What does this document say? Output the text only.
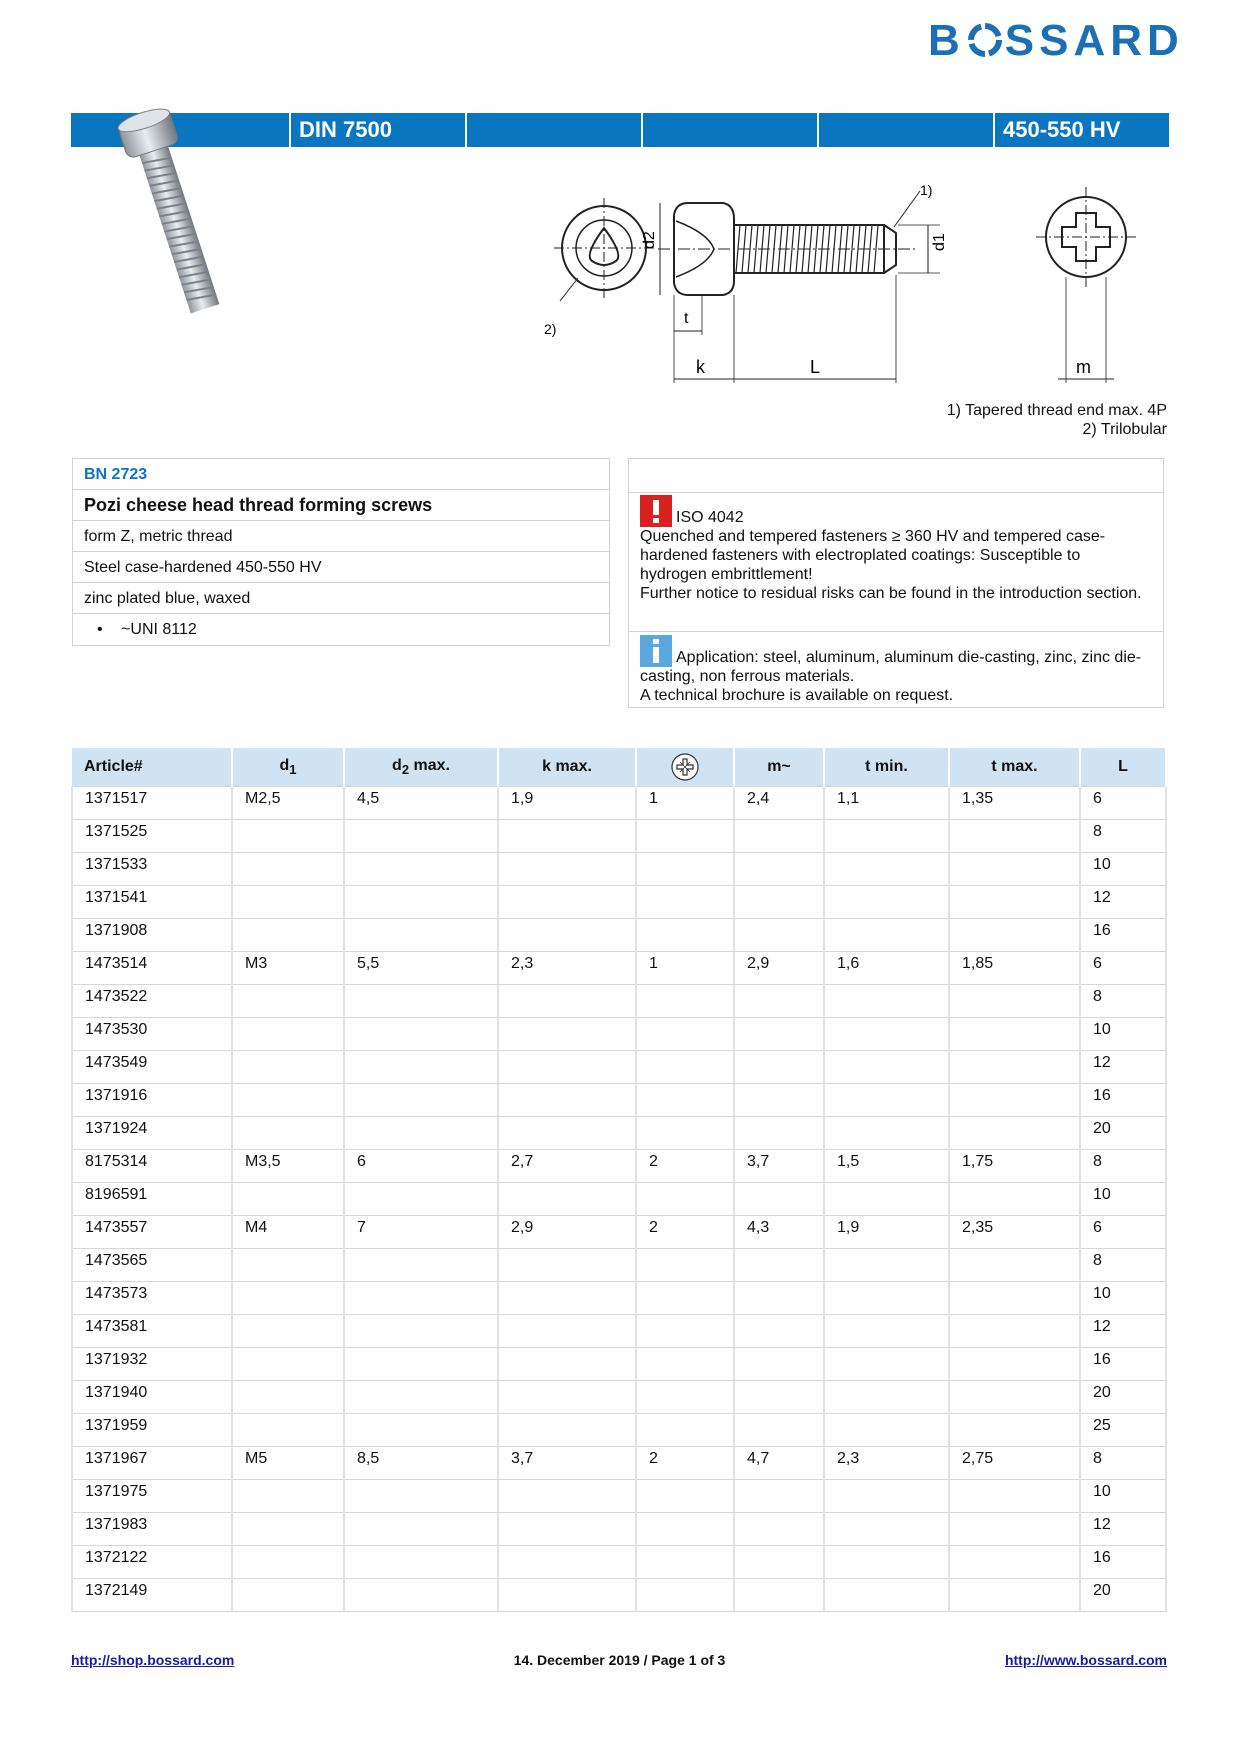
B SSARD
DIN 7500	450-550 HV
2)
d2	d1
1)
t
k	L	m
1) Tapered thread end max. 4P
2) Trilobular
BN 2723
Pozi cheese head thread forming screws
form Z, metric thread
Steel case-hardened 450-550 HV
zinc plated blue, waxed
• ~UNI 8112
ISO 4042
Quenched and tempered fasteners ≥ 360 HV and tempered case-hardened fasteners with electroplated coatings: Susceptible to hydrogen embrittlement!
Further notice to residual risks can be found in the introduction section.
Application: steel, aluminum, aluminum die-casting, zinc, zinc die-casting, non ferrous materials.
A technical brochure is available on request.
Article#	$d_1$	$d_2$ max.	k max.		m~	t min.	t max.	L
1371517	M2,5	4,5	1,9	1	2,4	1,1	1,35	6
1371525								8
1371533								10
1371541								12
1371908								16
1473514	M3	5,5	2,3	1	2,9	1,6	1,85	6
1473522								8
1473530								10
1473549								12
1371916								16
1371924								20
8175314	M3,5	6	2,7	2	3,7	1,5	1,75	8
8196591								10
1473557	M4	7	2,9	2	4,3	1,9	2,35	6
1473565								8
1473573								10
1473581								12
1371932								16
1371940								20
1371959								25
1371967	M5	8,5	3,7	2	4,7	2,3	2,75	8
1371975								10
1371983								12
1372122								16
1372149								20
http://shop.bossard.com	14. December 2019 / Page 1 of 3	http://www.bossard.com
